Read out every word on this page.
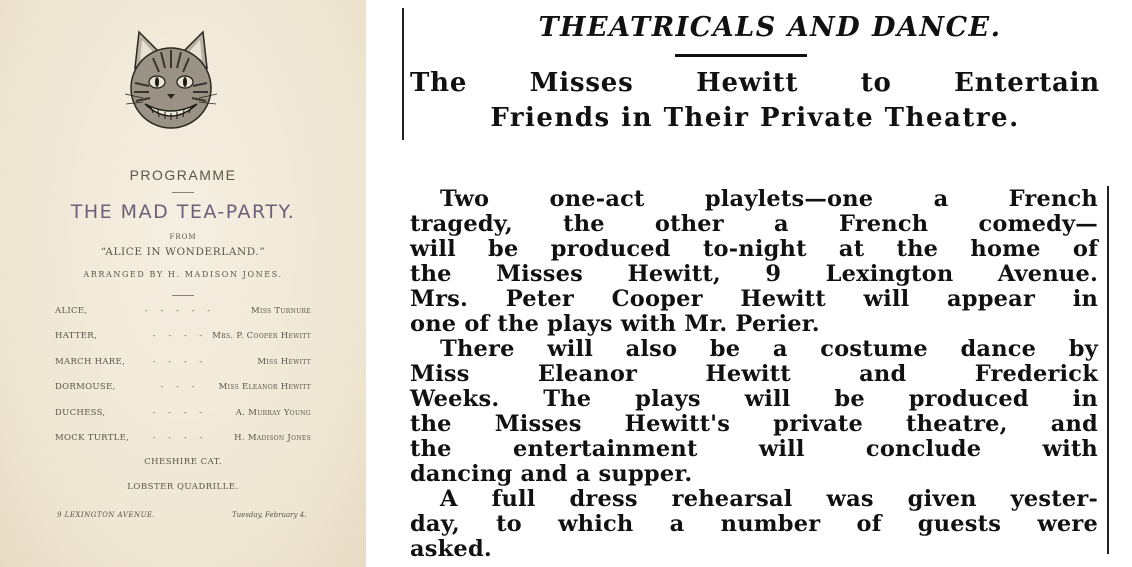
PROGRAMME
THE MAD TEA-PARTY.
FROM
“ALICE IN WONDERLAND.”
ARRANGED BY H. MADISON JONES.
ALICE,	- - - - -	Miss Turnure
HATTER,	- - - - Mrs. P. Cooper Hewitt
MARCH HARE,	- - - -	Miss Hewitt
DORMOUSE,	- - -	Miss Eleanor Hewitt
DUCHESS,	- - - -	A. Murray Young
MOCK TURTLE,	- - - -	H. Madison Jones
CHESHIRE CAT.
LOBSTER QUADRILLE.
9 LEXINGTON AVENUE.	Tuesday, February 4.
THEATRICALS AND DANCE.
The Misses Hewitt to Entertain
Friends in Their Private Theatre.
Two one-act playlets—one a French
tragedy, the other a French comedy—
will be produced to-night at the home of
the Misses Hewitt, 9 Lexington Avenue.
Mrs. Peter Cooper Hewitt will appear in
one of the plays with Mr. Perier.
There will also be a costume dance by
Miss Eleanor Hewitt and Frederick
Weeks. The plays will be produced in
the Misses Hewitt's private theatre, and
the entertainment will conclude with
dancing and a supper.
A full dress rehearsal was given yester-
day, to which a number of guests were
asked.
